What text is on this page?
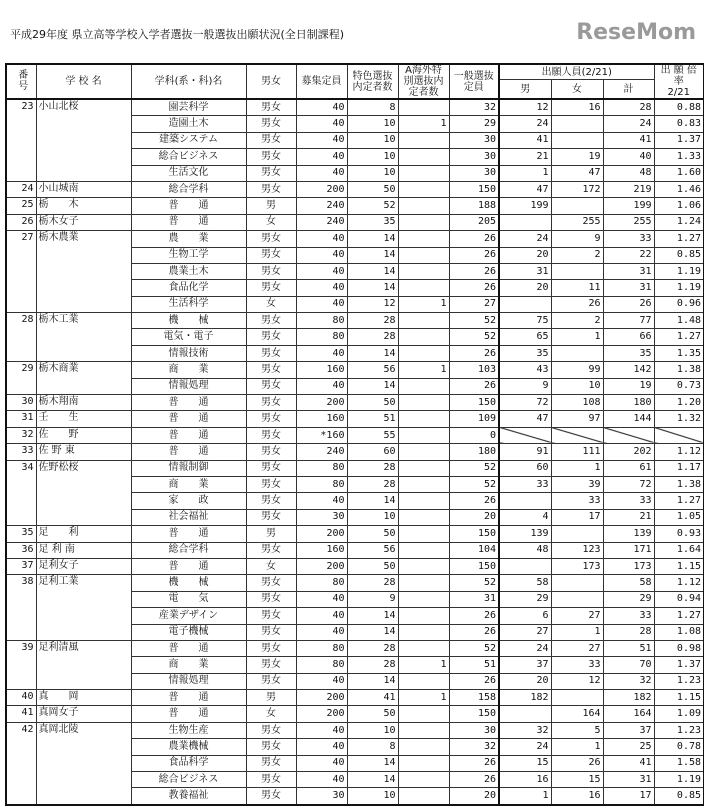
平成29年度 県立高等学校入学者選抜一般選抜出願状況(全日制課程)	ReseMom
番号	学 校 名	学科(系・科)名	男女	募集定員	特色選抜内定者数	A海外特別選抜内定者数	一般選抜定員	出願人員(2/21)			出 願 倍 率
2/21

								男	女	計	
23	小山北桜	園芸科学	男女	40	8		32	12	16	28	0.88
		造園土木	男女	40	10	1	29	24		24	0.83
		建築システム	男女	40	10		30	41		41	1.37
		総合ビジネス	男女	40	10		30	21	19	40	1.33
		生活文化	男女	40	10		30	1	47	48	1.60
24	小山城南	総合学科	男女	200	50		150	47	172	219	1.46
25	栃　　木	普　　通	男	240	52		188	199		199	1.06
26	栃木女子	普　　通	女	240	35		205		255	255	1.24
27	栃木農業	農　　業	男女	40	14		26	24	9	33	1.27
		生物工学	男女	40	14		26	20	2	22	0.85
		農業土木	男女	40	14		26	31		31	1.19
		食品化学	男女	40	14		26	20	11	31	1.19
		生活科学	女	40	12	1	27		26	26	0.96
28	栃木工業	機　　械	男女	80	28		52	75	2	77	1.48
		電気・電子	男女	80	28		52	65	1	66	1.27
		情報技術	男女	40	14		26	35		35	1.35
29	栃木商業	商　　業	男女	160	56	1	103	43	99	142	1.38
		情報処理	男女	40	14		26	9	10	19	0.73
30	栃木翔南	普　　通	男女	200	50		150	72	108	180	1.20
31	壬　　生	普　　通	男女	160	51		109	47	97	144	1.32
32	佐　　野	普　　通	男女	*160	55		0				
33	佐 野 東	普　　通	男女	240	60		180	91	111	202	1.12
34	佐野松桜	情報制御	男女	80	28		52	60	1	61	1.17
		商　　業	男女	80	28		52	33	39	72	1.38
		家　　政	男女	40	14		26		33	33	1.27
		社会福祉	男女	30	10		20	4	17	21	1.05
35	足　　利	普　　通	男	200	50		150	139		139	0.93
36	足 利 南	総合学科	男女	160	56		104	48	123	171	1.64
37	足利女子	普　　通	女	200	50		150		173	173	1.15
38	足利工業	機　　械	男女	80	28		52	58		58	1.12
		電　　気	男女	40	9		31	29		29	0.94
		産業デザイン	男女	40	14		26	6	27	33	1.27
		電子機械	男女	40	14		26	27	1	28	1.08
39	足利清風	普　　通	男女	80	28		52	24	27	51	0.98
		商　　業	男女	80	28	1	51	37	33	70	1.37
		情報処理	男女	40	14		26	20	12	32	1.23
40	真　　岡	普　　通	男	200	41	1	158	182		182	1.15
41	真岡女子	普　　通	女	200	50		150		164	164	1.09
42	真岡北陵	生物生産	男女	40	10		30	32	5	37	1.23
		農業機械	男女	40	8		32	24	1	25	0.78
		食品科学	男女	40	14		26	15	26	41	1.58
		総合ビジネス	男女	40	14		26	16	15	31	1.19
		教養福祉	男女	30	10		20	1	16	17	0.85
